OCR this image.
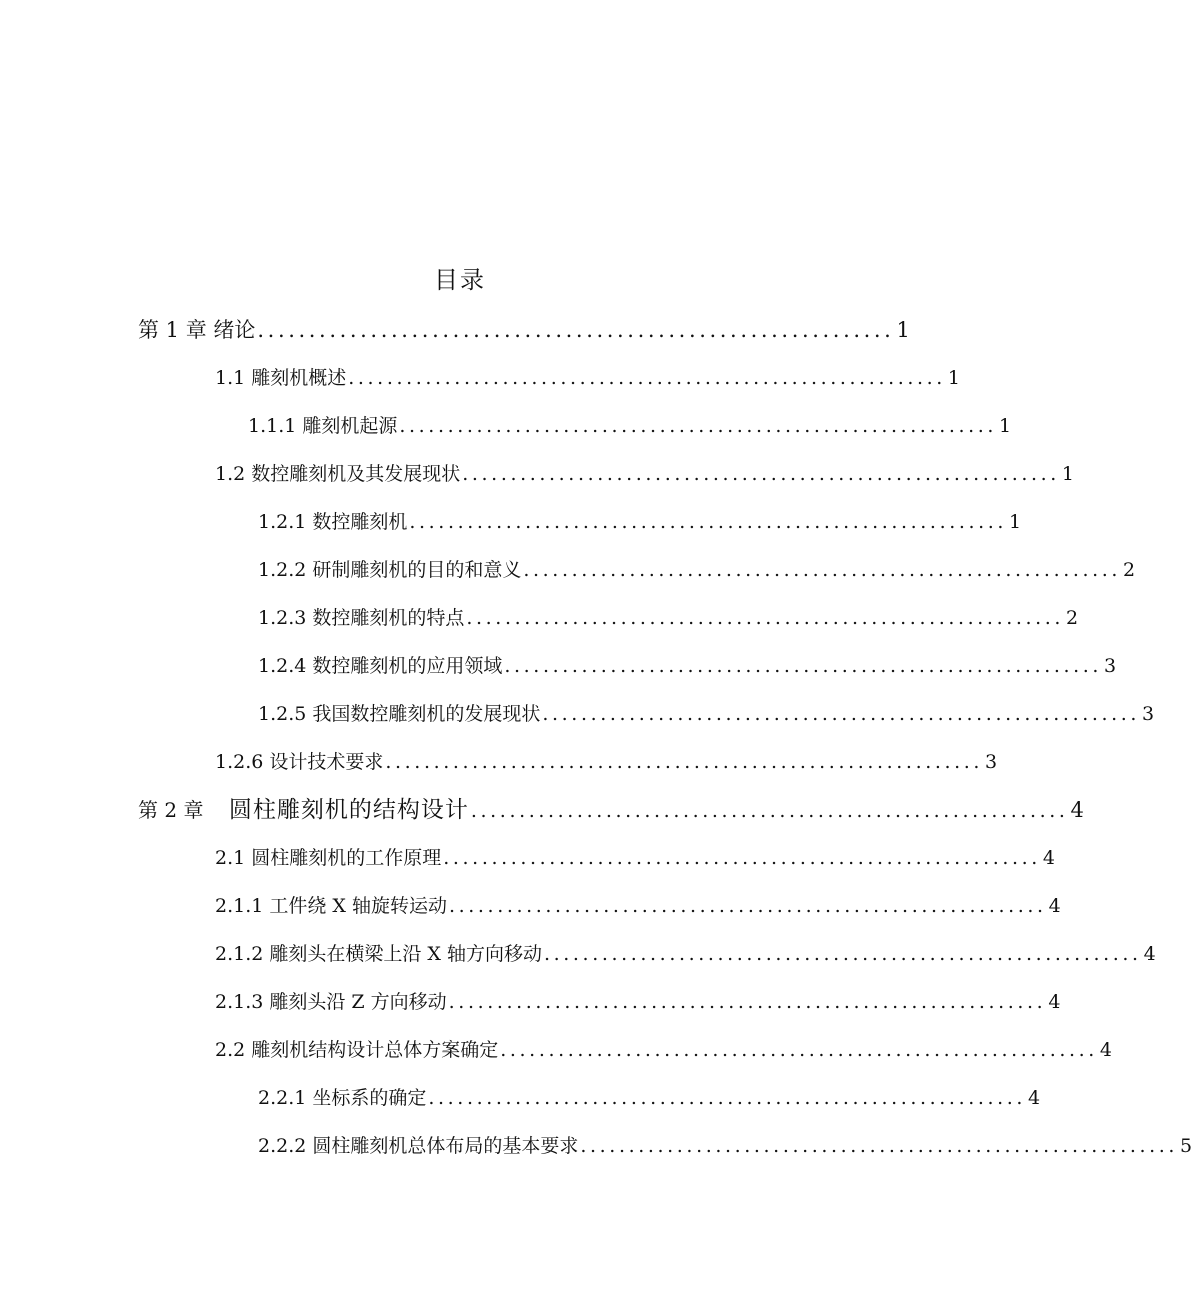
目录
第 1 章 绪论 .............................................................. 1
1.1 雕刻机概述 .............................................................. 1
1.1.1 雕刻机起源 .............................................................. 1
1.2 数控雕刻机及其发展现状 .............................................................. 1
1.2.1 数控雕刻机 .............................................................. 1
1.2.2 研制雕刻机的目的和意义 .............................................................. 2
1.2.3 数控雕刻机的特点 .............................................................. 2
1.2.4 数控雕刻机的应用领域 .............................................................. 3
1.2.5 我国数控雕刻机的发展现状 .............................................................. 3
1.2.6 设计技术要求 .............................................................. 3
第 2 章 圆柱雕刻机的结构设计 .............................................................. 4
2.1 圆柱雕刻机的工作原理 .............................................................. 4
2.1.1 工件绕 X 轴旋转运动 .............................................................. 4
2.1.2 雕刻头在横梁上沿 X 轴方向移动 .............................................................. 4
2.1.3 雕刻头沿 Z 方向移动 .............................................................. 4
2.2 雕刻机结构设计总体方案确定 .............................................................. 4
2.2.1 坐标系的确定 .............................................................. 4
2.2.2 圆柱雕刻机总体布局的基本要求 .............................................................. 5
